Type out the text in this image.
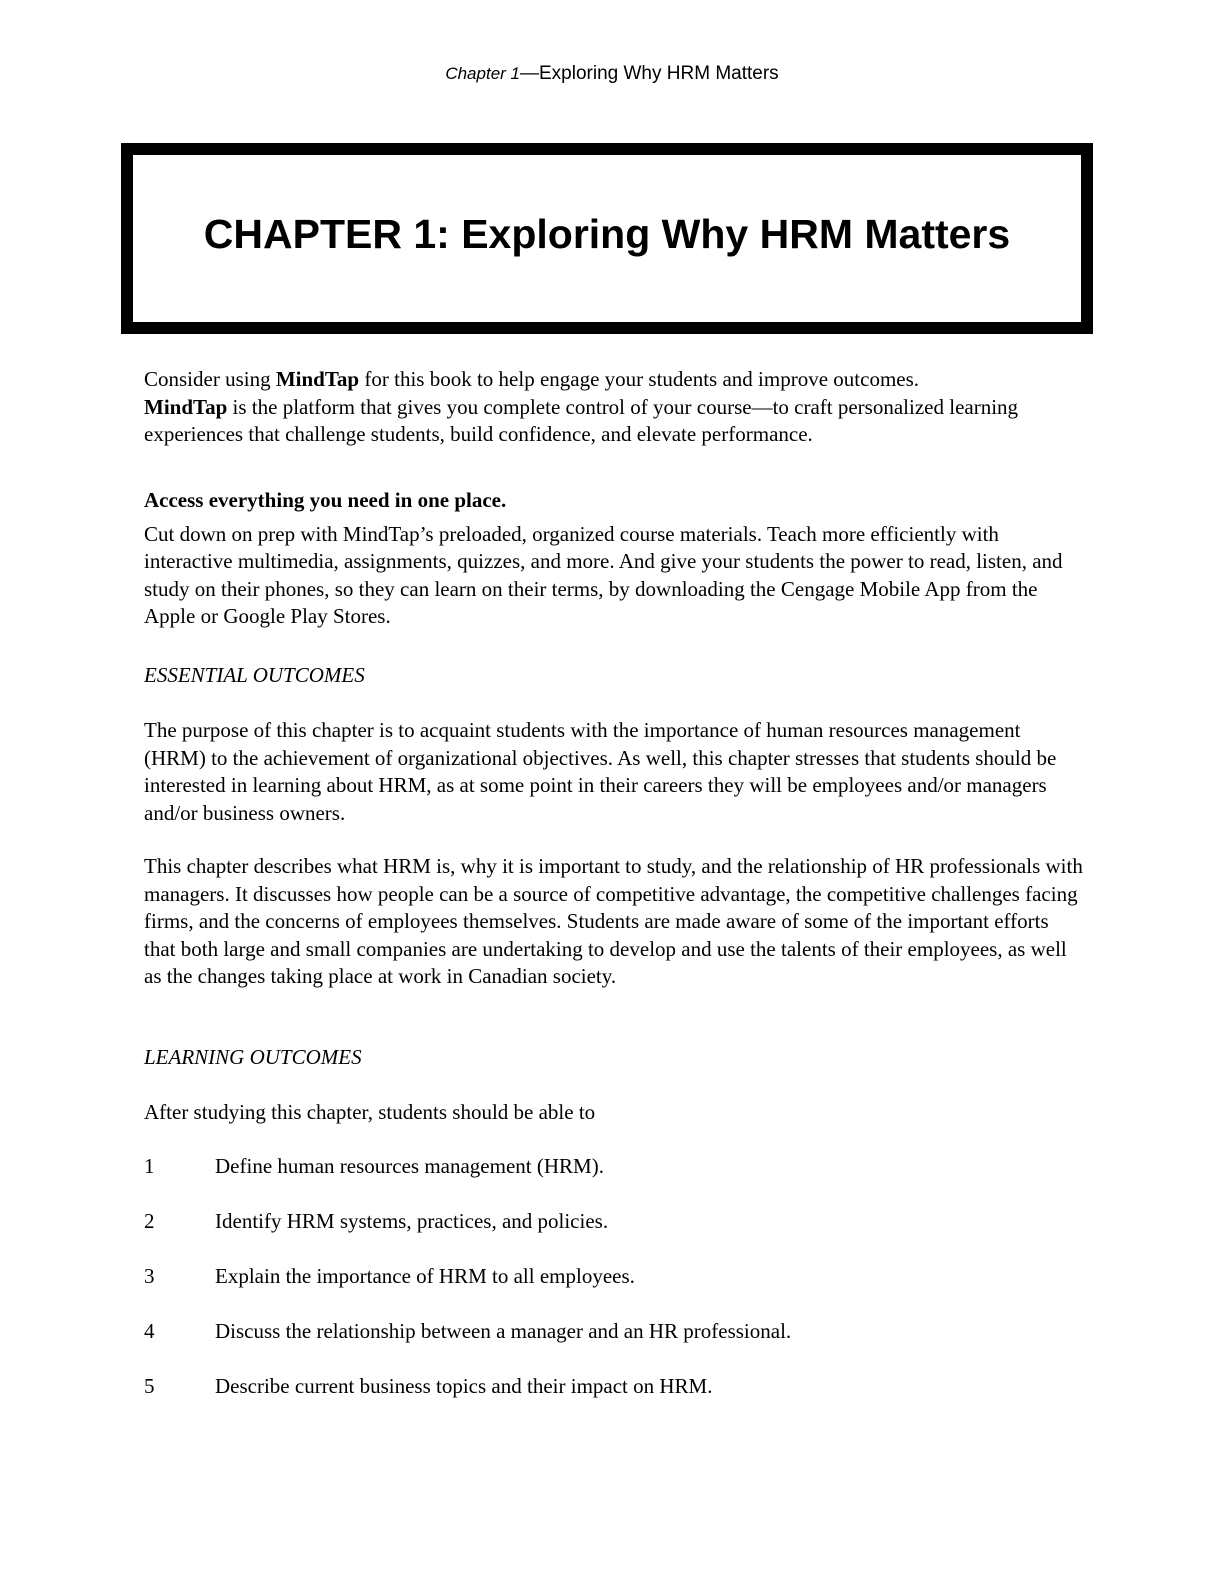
Chapter 1—Exploring Why HRM Matters
CHAPTER 1: Exploring Why HRM Matters

Consider using MindTap for this book to help engage your students and improve outcomes.
MindTap is the platform that gives you complete control of your course—to craft personalized learning experiences that challenge students, build confidence, and elevate performance.

Access everything you need in one place.

Cut down on prep with MindTap’s preloaded, organized course materials. Teach more efficiently with interactive multimedia, assignments, quizzes, and more. And give your students the power to read, listen, and study on their phones, so they can learn on their terms, by downloading the Cengage Mobile App from the Apple or Google Play Stores.

ESSENTIAL OUTCOMES

The purpose of this chapter is to acquaint students with the importance of human resources management (HRM) to the achievement of organizational objectives. As well, this chapter stresses that students should be interested in learning about HRM, as at some point in their careers they will be employees and/or managers and/or business owners.

This chapter describes what HRM is, why it is important to study, and the relationship of HR professionals with managers. It discusses how people can be a source of competitive advantage, the competitive challenges facing firms, and the concerns of employees themselves. Students are made aware of some of the important efforts that both large and small companies are undertaking to develop and use the talents of their employees, as well as the changes taking place at work in Canadian society.

LEARNING OUTCOMES

After studying this chapter, students should be able to

1	Define human resources management (HRM).
2	Identify HRM systems, practices, and policies.
3	Explain the importance of HRM to all employees.
4	Discuss the relationship between a manager and an HR professional.
5	Describe current business topics and their impact on HRM.
